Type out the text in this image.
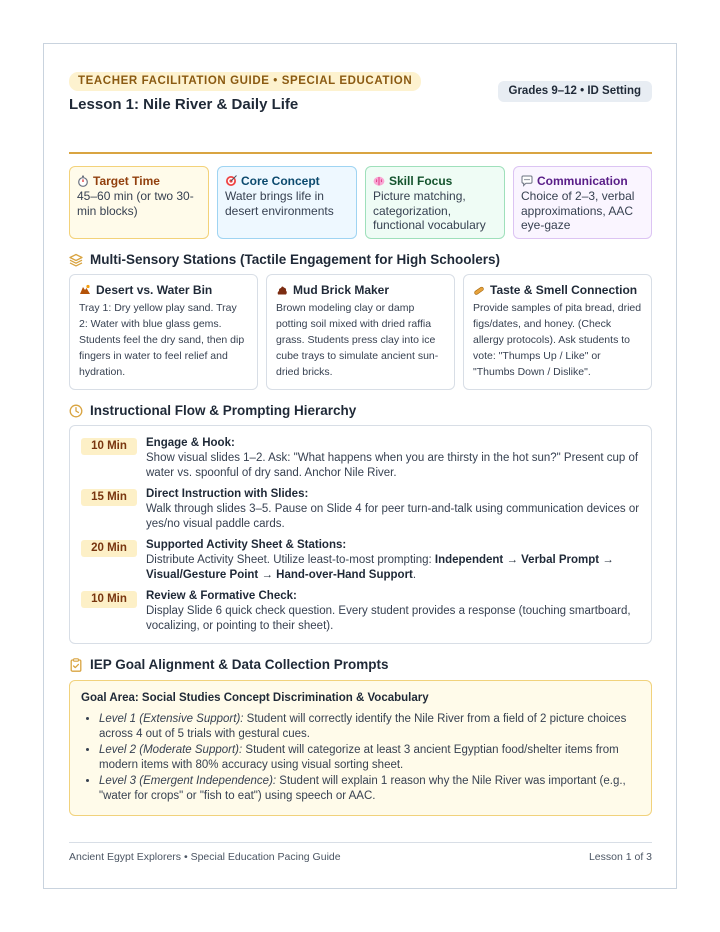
TEACHER FACILITATION GUIDE • SPECIAL EDUCATION
Lesson 1: Nile River & Daily Life
Grades 9–12 • ID Setting
Target Time
45–60 min (or two 30-min blocks)
Core Concept
Water brings life in desert environments
Skill Focus
Picture matching, categorization, functional vocabulary
Communication
Choice of 2–3, verbal approximations, AAC eye-gaze
Multi-Sensory Stations (Tactile Engagement for High Schoolers)
Desert vs. Water Bin
Tray 1: Dry yellow play sand. Tray 2: Water with blue glass gems. Students feel the dry sand, then dip fingers in water to feel relief and hydration.
Mud Brick Maker
Brown modeling clay or damp potting soil mixed with dried raffia grass. Students press clay into ice cube trays to simulate ancient sun-dried bricks.
Taste & Smell Connection
Provide samples of pita bread, dried figs/dates, and honey. (Check allergy protocols). Ask students to vote: "Thumps Up / Like" or "Thumbs Down / Dislike".
Instructional Flow & Prompting Hierarchy
10 Min	Engage & Hook:
Show visual slides 1–2. Ask: "What happens when you are thirsty in the hot sun?" Present cup of water vs. spoonful of dry sand. Anchor Nile River.
15 Min	Direct Instruction with Slides:
Walk through slides 3–5. Pause on Slide 4 for peer turn-and-talk using communication devices or yes/no visual paddle cards.
20 Min	Supported Activity Sheet & Stations:
Distribute Activity Sheet. Utilize least-to-most prompting: Independent → Verbal Prompt → Visual/Gesture Point → Hand-over-Hand Support.
10 Min	Review & Formative Check:
Display Slide 6 quick check question. Every student provides a response (touching smartboard, vocalizing, or pointing to their sheet).
IEP Goal Alignment & Data Collection Prompts
Goal Area: Social Studies Concept Discrimination & Vocabulary
• Level 1 (Extensive Support): Student will correctly identify the Nile River from a field of 2 picture choices across 4 out of 5 trials with gestural cues.
• Level 2 (Moderate Support): Student will categorize at least 3 ancient Egyptian food/shelter items from modern items with 80% accuracy using visual sorting sheet.
• Level 3 (Emergent Independence): Student will explain 1 reason why the Nile River was important (e.g., "water for crops" or "fish to eat") using speech or AAC.
Ancient Egypt Explorers • Special Education Pacing Guide	Lesson 1 of 3
